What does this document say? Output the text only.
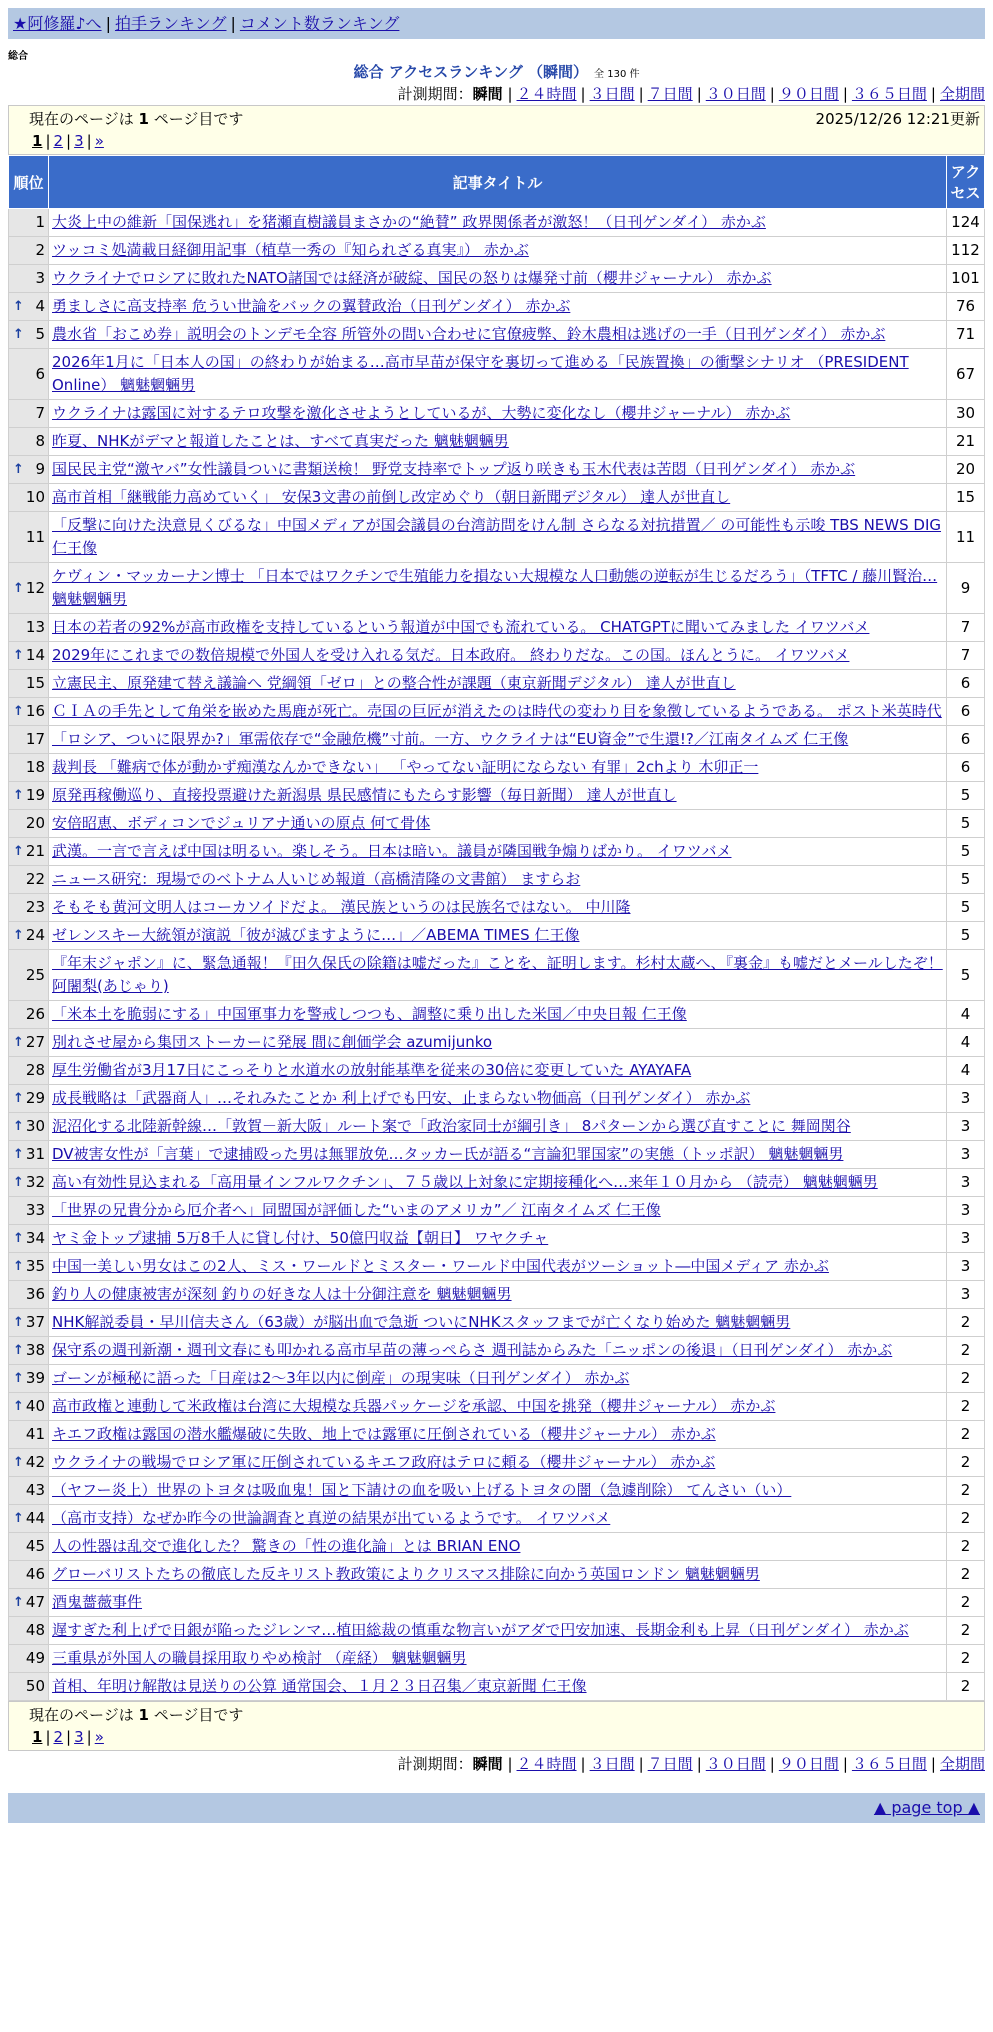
★阿修羅♪へ | 拍手ランキング | コメント数ランキング
総合
総合 アクセスランキング （瞬間） 全 130 件
計測期間：瞬間 | ２４時間 | ３日間 | ７日間 | ３０日間 | ９０日間 | ３６５日間 | 全期間
現在のページは 1 ページ目です	2025/12/26 12:21更新
1 | 2 | 3 | »
順位	記事タイトル	アクセス
1	大炎上中の維新「国保逃れ」を猪瀬直樹議員まさかの“絶賛” 政界関係者が激怒！（日刊ゲンダイ） 赤かぶ	124
2	ツッコミ処満載日経御用記事（植草一秀の『知られざる真実』） 赤かぶ	112
3	ウクライナでロシアに敗れたNATO諸国では経済が破綻、国民の怒りは爆発寸前（櫻井ジャーナル） 赤かぶ	101

↑ 4	勇ましさに高支持率 危うい世論をバックの翼賛政治（日刊ゲンダイ） 赤かぶ	76

↑ 5	農水省「おこめ券」説明会のトンデモ全容 所管外の問い合わせに官僚疲弊、鈴木農相は逃げの一手（日刊ゲンダイ） 赤かぶ	71
6	2026年1月に「日本人の国」の終わりが始まる…高市早苗が保守を裏切って進める「民族置換」の衝撃シナリオ （PRESIDENT Online） 魑魅魍魎男	67
7	ウクライナは露国に対するテロ攻撃を激化させようとしているが、大勢に変化なし（櫻井ジャーナル） 赤かぶ	30
8	昨夏、NHKがデマと報道したことは、すべて真実だった 魑魅魍魎男	21

↑ 9	国民民主党“激ヤバ”女性議員ついに書類送検！ 野党支持率でトップ返り咲きも玉木代表は苦悶（日刊ゲンダイ） 赤かぶ	20
10	高市首相「継戦能力高めていく」 安保3文書の前倒し改定めぐり（朝日新聞デジタル） 達人が世直し	15
11	「反撃に向けた決意見くびるな」中国メディアが国会議員の台湾訪問をけん制 さらなる対抗措置／ の可能性も示唆 TBS NEWS DIG 仁王像	11

↑ 12	ケヴィン・マッカーナン博士 「日本ではワクチンで生殖能力を損ない大規模な人口動態の逆転が生じるだろう」（TFTC / 藤川賢治… 魑魅魍魎男	9
13	日本の若者の92%が高市政権を支持しているという報道が中国でも流れている。 CHATGPTに聞いてみました イワツバメ	7

↑ 14	2029年にこれまでの数倍規模で外国人を受け入れる気だ。日本政府。 終わりだな。この国。ほんとうに。 イワツバメ	7
15	立憲民主、原発建て替え議論へ 党綱領「ゼロ」との整合性が課題（東京新聞デジタル） 達人が世直し	6

↑ 16	ＣＩＡの手先として角栄を嵌めた馬鹿が死亡。売国の巨匠が消えたのは時代の変わり目を象徴しているようである。 ポスト米英時代	6
17	「ロシア、ついに限界か?」軍需依存で“金融危機”寸前。一方、ウクライナは“EU資金”で生還!?／江南タイムズ 仁王像	6
18	裁判長 「難病で体が動かず痴漢なんかできない」 「やってない証明にならない 有罪」2chより 木卯正一	6

↑ 19	原発再稼働巡り、直接投票避けた新潟県 県民感情にもたらす影響（毎日新聞） 達人が世直し	5
20	安倍昭恵、ボディコンでジュリアナ通いの原点 何て骨体	5

↑ 21	武漢。一言で言えば中国は明るい。楽しそう。日本は暗い。議員が隣国戦争煽りばかり。 イワツバメ	5
22	ニュース研究：現場でのベトナム人いじめ報道（高橋清隆の文書館） ますらお	5
23	そもそも黄河文明人はコーカソイドだよ。 漢民族というのは民族名ではない。 中川隆	5

↑ 24	ゼレンスキー大統領が演説「彼が滅びますように…」／ABEMA TIMES 仁王像	5
25	『年末ジャポン』に、緊急通報！『田久保氏の除籍は嘘だった』ことを、証明します。杉村太蔵へ、『裏金』も嘘だとメールしたぞ！ 阿闍梨(あじゃり)	5
26	「米本土を脆弱にする」中国軍事力を警戒しつつも、調整に乗り出した米国／中央日報 仁王像	4

↑ 27	別れさせ屋から集団ストーカーに発展 間に創価学会 azumijunko	4
28	厚生労働省が3月17日にこっそりと水道水の放射能基準を従来の30倍に変更していた AYAYAFA	4

↑ 29	成長戦略は「武器商人」…それみたことか 利上げでも円安、止まらない物価高（日刊ゲンダイ） 赤かぶ	3

↑ 30	泥沼化する北陸新幹線…「敦賀－新大阪」ルート案で「政治家同士が綱引き」 8パターンから選び直すことに 舞岡関谷	3

↑ 31	DV被害女性が「言葉」で逮捕殴った男は無罪放免…タッカー氏が語る“言論犯罪国家”の実態（トッポ訳） 魑魅魍魎男	3

↑ 32	高い有効性見込まれる「高用量インフルワクチン」、７５歳以上対象に定期接種化へ…来年１０月から （読売） 魑魅魍魎男	3
33	「世界の兄貴分から厄介者へ」同盟国が評価した“いまのアメリカ”／ 江南タイムズ 仁王像	3

↑ 34	ヤミ金トップ逮捕 5万8千人に貸し付け、50億円収益【朝日】 ワヤクチャ	3

↑ 35	中国一美しい男女はこの2人、ミス・ワールドとミスター・ワールド中国代表がツーショット―中国メディア 赤かぶ	3
36	釣り人の健康被害が深刻 釣りの好きな人は十分御注意を 魑魅魍魎男	3

↑ 37	NHK解説委員・早川信夫さん（63歳）が脳出血で急逝 ついにNHKスタッフまでが亡くなり始めた 魑魅魍魎男	2

↑ 38	保守系の週刊新潮・週刊文春にも叩かれる高市早苗の薄っぺらさ 週刊誌からみた「ニッポンの後退」（日刊ゲンダイ） 赤かぶ	2

↑ 39	ゴーンが極秘に語った「日産は2～3年以内に倒産」の現実味（日刊ゲンダイ） 赤かぶ	2

↑ 40	高市政権と連動して米政権は台湾に大規模な兵器パッケージを承認、中国を挑発（櫻井ジャーナル） 赤かぶ	2
41	キエフ政権は露国の潜水艦爆破に失敗、地上では露軍に圧倒されている（櫻井ジャーナル） 赤かぶ	2

↑ 42	ウクライナの戦場でロシア軍に圧倒されているキエフ政府はテロに頼る（櫻井ジャーナル） 赤かぶ	2
43	（ヤフー炎上）世界のトヨタは吸血鬼！国と下請けの血を吸い上げるトヨタの闇（急遽削除） てんさい（い）	2

↑ 44	（高市支持）なぜか昨今の世論調査と真逆の結果が出ているようです。 イワツバメ	2
45	人の性器は乱交で進化した？ 驚きの「性の進化論」とは BRIAN ENO	2
46	グローバリストたちの徹底した反キリスト教政策によりクリスマス排除に向かう英国ロンドン 魑魅魍魎男	2

↑ 47	酒鬼薔薇事件	2
48	遅すぎた利上げで日銀が陥ったジレンマ…植田総裁の慎重な物言いがアダで円安加速、長期金利も上昇（日刊ゲンダイ） 赤かぶ	2
49	三重県が外国人の職員採用取りやめ検討 （産経） 魑魅魍魎男	2
50	首相、年明け解散は見送りの公算 通常国会、１月２３日召集／東京新聞 仁王像	2
現在のページは 1 ページ目です
1 | 2 | 3 | »
計測期間：瞬間 | ２４時間 | ３日間 | ７日間 | ３０日間 | ９０日間 | ３６５日間 | 全期間
▲ page top ▲
